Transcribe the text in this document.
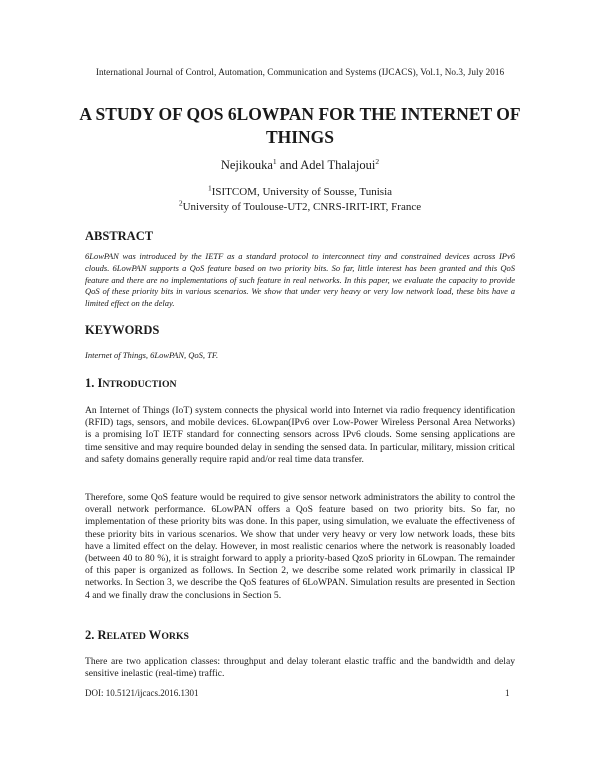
International Journal of Control, Automation, Communication and Systems (IJCACS), Vol.1, No.3, July 2016
A STUDY OF QOS 6LOWPAN FOR THE INTERNET OF
THINGS
Nejikouka$^1$ and Adel Thalajoui$^2$
$^1$ISITCOM, University of Sousse, Tunisia
$^2$University of Toulouse-UT2, CNRS-IRIT-IRT, France
ABSTRACT
6LowPAN was introduced by the IETF as a standard protocol to interconnect tiny and constrained devices across IPv6 clouds. 6LowPAN supports a QoS feature based on two priority bits. So far, little interest has been granted and this QoS feature and there are no implementations of such feature in real networks. In this paper, we evaluate the capacity to provide QoS of these priority bits in various scenarios. We show that under very heavy or very low network load, these bits have a limited effect on the delay.
KEYWORDS
Internet of Things, 6LowPAN, QoS, TF.
1. INTRODUCTION
An Internet of Things (IoT) system connects the physical world into Internet via radio frequency identification (RFID) tags, sensors, and mobile devices. 6Lowpan(IPv6 over Low-Power Wireless Personal Area Networks) is a promising IoT IETF standard for connecting sensors across IPv6 clouds. Some sensing applications are time sensitive and may require bounded delay in sending the sensed data. In particular, military, mission critical and safety domains generally require rapid and/or real time data transfer.
Therefore, some QoS feature would be required to give sensor network administrators the ability to control the overall network performance. 6LowPAN offers a QoS feature based on two priority bits. So far, no implementation of these priority bits was done. In this paper, using simulation, we evaluate the effectiveness of these priority bits in various scenarios. We show that under very heavy or very low network loads, these bits have a limited effect on the delay. However, in most realistic cenarios where the network is reasonably loaded (between 40 to 80 %), it is straight forward to apply a priority-based QzoS priority in 6Lowpan. The remainder of this paper is organized as follows. In Section 2, we describe some related work primarily in classical IP networks. In Section 3, we describe the QoS features of 6LoWPAN. Simulation results are presented in Section 4 and we finally draw the conclusions in Section 5.
2. RELATED WORKS
There are two application classes: throughput and delay tolerant elastic traffic and the bandwidth and delay sensitive inelastic (real-time) traffic.
DOI: 10.5121/ijcacs.2016.1301	1
